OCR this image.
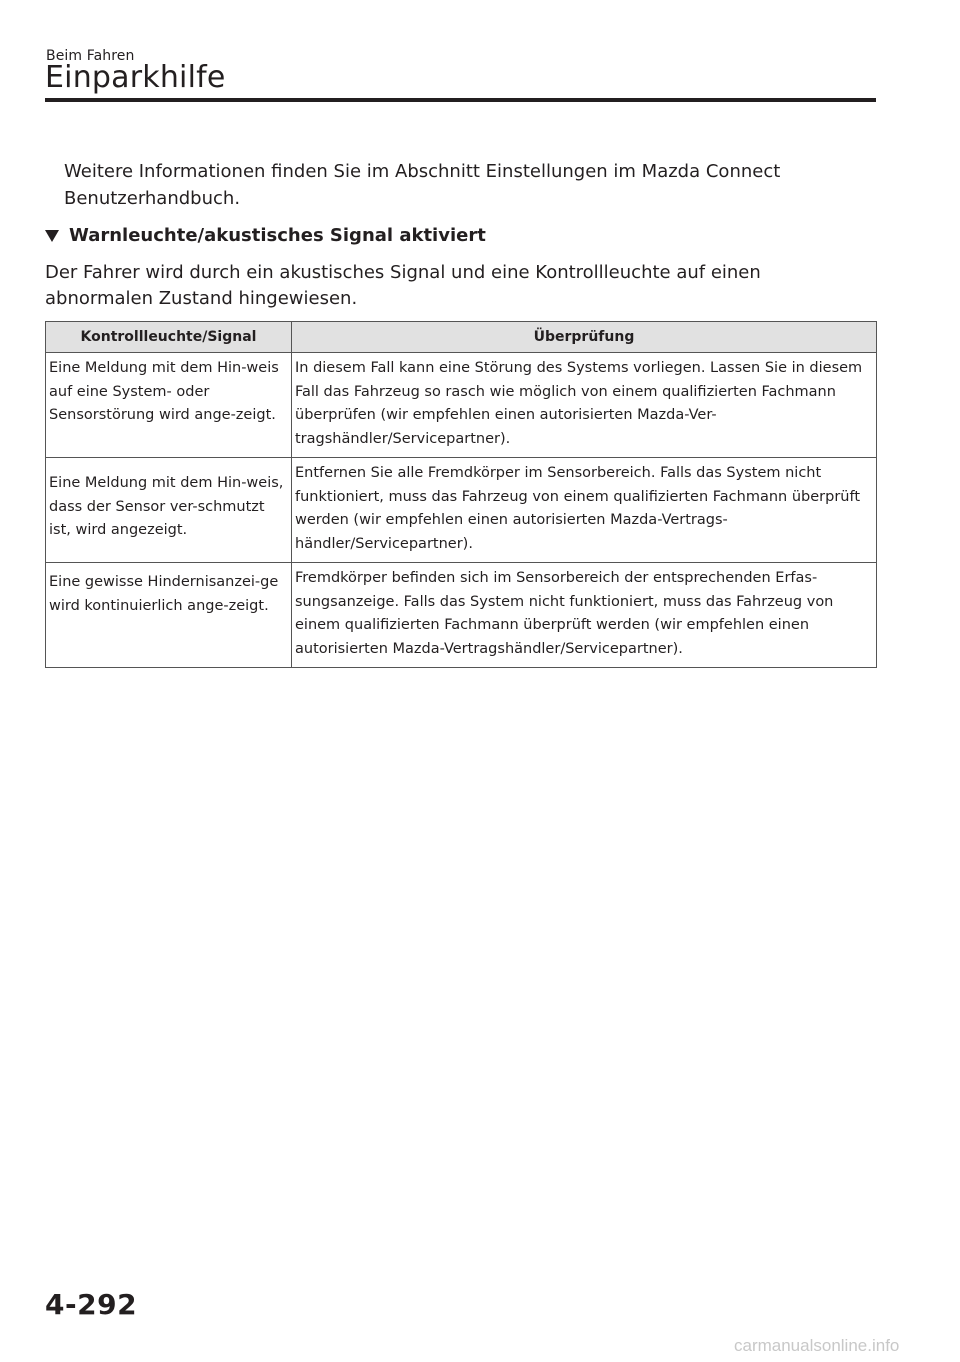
Beim Fahren
Einparkhilfe
Weitere Informationen finden Sie im Abschnitt Einstellungen im Mazda Connect Benutzerhandbuch.
Warnleuchte/akustisches Signal aktiviert
Der Fahrer wird durch ein akustisches Signal und eine Kontrollleuchte auf einen abnormalen Zustand hingewiesen.
Kontrollleuchte/Signal	Überprüfung
Eine Meldung mit dem Hin-weis auf eine System- oder Sensorstörung wird ange-zeigt.	In diesem Fall kann eine Störung des Systems vorliegen. Lassen Sie in diesem Fall das Fahrzeug so rasch wie möglich von einem qualifizierten Fachmann überprüfen (wir empfehlen einen autorisierten Mazda-Ver-tragshändler/Servicepartner).
Eine Meldung mit dem Hin-weis, dass der Sensor ver-schmutzt ist, wird angezeigt.	Entfernen Sie alle Fremdkörper im Sensorbereich. Falls das System nicht funktioniert, muss das Fahrzeug von einem qualifizierten Fachmann überprüft werden (wir empfehlen einen autorisierten Mazda-Vertrags-händler/Servicepartner).
Eine gewisse Hindernisanzei-ge wird kontinuierlich ange-zeigt.	Fremdkörper befinden sich im Sensorbereich der entsprechenden Erfas-sungsanzeige. Falls das System nicht funktioniert, muss das Fahrzeug von einem qualifizierten Fachmann überprüft werden (wir empfehlen einen autorisierten Mazda-Vertragshändler/Servicepartner).
4-292
carmanualsonline.info
